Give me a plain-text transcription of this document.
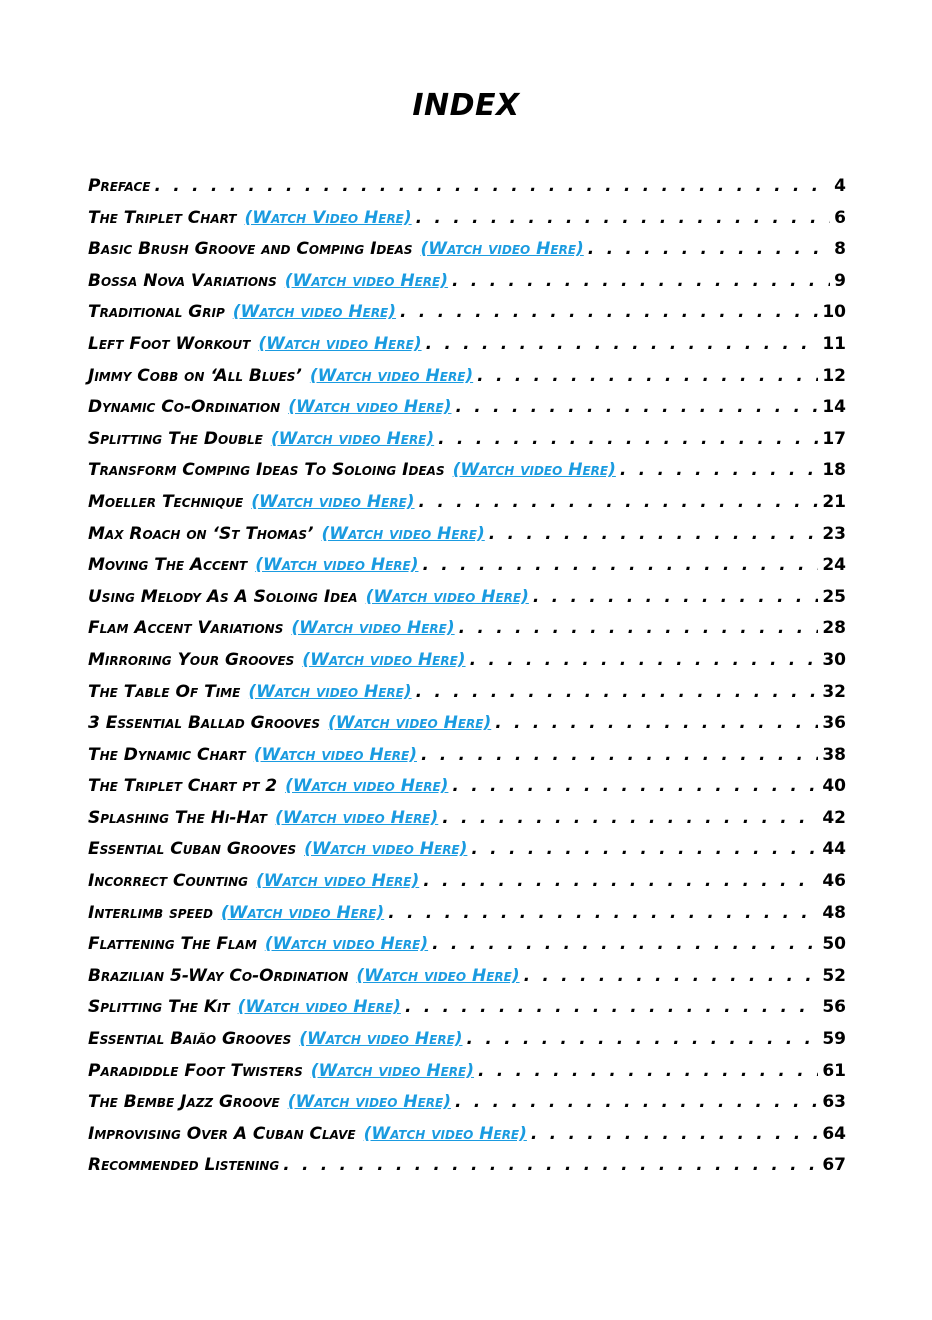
INDEX
Preface . . .	4
The Triplet Chart (Watch Video Here) . . .	6
Basic Brush Groove and Comping Ideas (Watch video Here) . . .	8
Bossa Nova Variations (Watch video Here) . . .	9
Traditional Grip (Watch video Here) . . .	10
Left Foot Workout (Watch video Here) . . .	11
Jimmy Cobb on ‘All Blues’ (Watch video Here) . . .	12
Dynamic Co-Ordination (Watch video Here) . . .	14
Splitting The Double (Watch video Here) . . .	17
Transform Comping Ideas To Soloing Ideas (Watch video Here) . . .	18
Moeller Technique (Watch video Here) . . .	21
Max Roach on ‘St Thomas’ (Watch video Here) . . .	23
Moving The Accent (Watch video Here) . . .	24
Using Melody As A Soloing Idea (Watch video Here) . . .	25
Flam Accent Variations (Watch video Here) . . .	28
Mirroring Your Grooves (Watch video Here) . . .	30
The Table Of Time (Watch video Here) . . .	32
3 Essential Ballad Grooves (Watch video Here) . . .	36
The Dynamic Chart (Watch video Here) . . .	38
The Triplet Chart pt 2 (Watch video Here) . . .	40
Splashing The Hi-Hat (Watch video Here) . . .	42
Essential Cuban Grooves (Watch video Here) . . .	44
Incorrect Counting (Watch video Here) . . .	46
Interlimb speed (Watch video Here) . . .	48
Flattening The Flam (Watch video Here) . . .	50
Brazilian 5-Way Co-Ordination (Watch video Here) . . .	52
Splitting The Kit (Watch video Here) . . .	56
Essential Baião Grooves (Watch video Here) . . .	59
Paradiddle Foot Twisters (Watch video Here) . . .	61
The Bembe Jazz Groove (Watch video Here) . . .	63
Improvising Over A Cuban Clave (Watch video Here) . . .	64
Recommended Listening . . .	67
